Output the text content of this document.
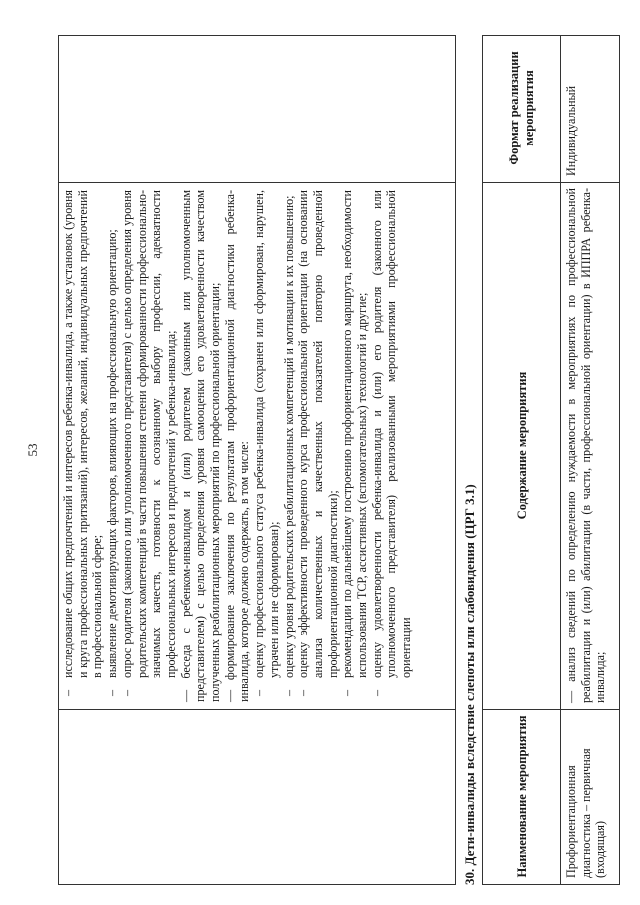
53
–
исследование общих предпочтений и интересов ребенка-инвалида, а также установок (уровня и круга профессиональных притязаний), интересов, желаний, индивидуальных предпочтений в профессиональной сфере;
–
выявление демотивирующих факторов, влияющих на профессиональную ориентацию;
–
опрос родителя (законного или уполномоченного представителя) с целью определения уровня родительских компетенций в части повышения степени сформированности профессионально-значимых качеств, готовности к осознанному выбору профессии, адекватности профессиональных интересов и предпочтений у ребенка-инвалида; — беседа с ребенком-инвалидом и (или) родителем (законным или уполномоченным представителем) с целью определения уровня самооценки его удовлетворенности качеством полученных реабилитационных мероприятий по профессиональной ориентации; — формирование заключения по результатам профориентационной диагностики ребенка-инвалида, которое должно содержать, в том числе: –
оценку профессионального статуса ребенка-инвалида (сохранен или сформирован, нарушен, утрачен или не сформирован);
–
оценку уровня родительских реабилитационных компетенций и мотивации к их повышению;
–
оценку эффективности проведенного курса профессиональной ориентации (на основании анализа количественных и качественных показателей повторно проведенной профориентационной диагностики);
–
рекомендации по дальнейшему построению профориентационного маршрута, необходимости использования ТСР, ассистивных (вспомогательных) технологий и другие;
–
оценку удовлетворенности ребенка-инвалида и (или) его родителя (законного или уполномоченного представителя) реализованными мероприятиями профессиональной ориентации	30. Дети-инвалиды вследствие слепоты или слабовидения (ЦРГ 3.1)	Наименование мероприятия
Содержание мероприятия
Формат реализации мероприятия
Профориентационная диагностика – первичная (входящая)
— анализ сведений по определению нуждаемости в мероприятиях по профессиональной реабилитации и (или) абилитации (в части, профессиональной ориентации) в ИППРА ребенка-инвалида;
Индивидуальный
